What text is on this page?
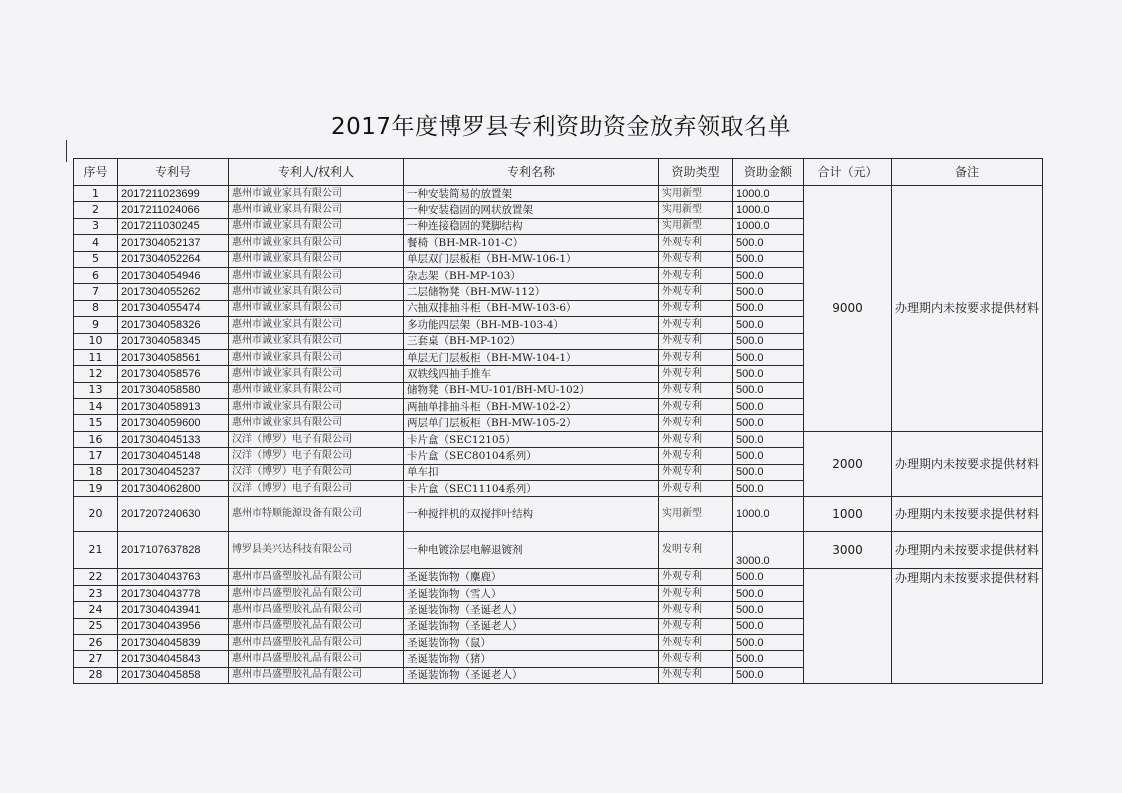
2017年度博罗县专利资助资金放弃领取名单
序号	专利号	专利人/权利人	专利名称	资助类型	资助金额	合计（元）	备注
1	2017211023699	惠州市诚业家具有限公司	一种安装简易的放置架	实用新型	1000.0	9000	办理期内未按要求提供材料
2	2017211024066	惠州市诚业家具有限公司	一种安装稳固的网状放置架	实用新型	1000.0		
3	2017211030245	惠州市诚业家具有限公司	一种连接稳固的凳脚结构	实用新型	1000.0		
4	2017304052137	惠州市诚业家具有限公司	餐椅（BH-MR-101-C）	外观专利	500.0		
5	2017304052264	惠州市诚业家具有限公司	单层双门层板柜（BH-MW-106-1）	外观专利	500.0		
6	2017304054946	惠州市诚业家具有限公司	杂志架（BH-MP-103）	外观专利	500.0		
7	2017304055262	惠州市诚业家具有限公司	二层储物凳（BH-MW-112）	外观专利	500.0		
8	2017304055474	惠州市诚业家具有限公司	六抽双排抽斗柜（BH-MW-103-6）	外观专利	500.0		
9	2017304058326	惠州市诚业家具有限公司	多功能四层架（BH-MB-103-4）	外观专利	500.0		
10	2017304058345	惠州市诚业家具有限公司	三套桌（BH-MP-102）	外观专利	500.0		
11	2017304058561	惠州市诚业家具有限公司	单层无门层板柜（BH-MW-104-1）	外观专利	500.0		
12	2017304058576	惠州市诚业家具有限公司	双轶线四抽手推车	外观专利	500.0		
13	2017304058580	惠州市诚业家具有限公司	储物凳（BH-MU-101/BH-MU-102）	外观专利	500.0		
14	2017304058913	惠州市诚业家具有限公司	两抽单排抽斗柜（BH-MW-102-2）	外观专利	500.0		
15	2017304059600	惠州市诚业家具有限公司	两层单门层板柜（BH-MW-105-2）	外观专利	500.0		
16	2017304045133	汉洋（博罗）电子有限公司	卡片盒（SEC12105）	外观专利	500.0	2000	办理期内未按要求提供材料
17	2017304045148	汉洋（博罗）电子有限公司	卡片盒（SEC80104系列）	外观专利	500.0		
18	2017304045237	汉洋（博罗）电子有限公司	单车扣	外观专利	500.0		
19	2017304062800	汉洋（博罗）电子有限公司	卡片盒（SEC11104系列）	外观专利	500.0		
20	2017207240630	惠州市特顺能源设备有限公司	一种搅拌机的双搅拌叶结构	实用新型	1000.0	1000	办理期内未按要求提供材料
21	2017107637828	博罗县美兴达科技有限公司	一种电镀涂层电解退镀剂	发明专利	3000.0	3000	办理期内未按要求提供材料
22	2017304043763	惠州市昌盛塑胶礼品有限公司	圣诞装饰物（麋鹿）	外观专利	500.0		办理期内未按要求提供材料
23	2017304043778	惠州市昌盛塑胶礼品有限公司	圣诞装饰物（雪人）	外观专利	500.0		
24	2017304043941	惠州市昌盛塑胶礼品有限公司	圣诞装饰物（圣诞老人）	外观专利	500.0		
25	2017304043956	惠州市昌盛塑胶礼品有限公司	圣诞装饰物（圣诞老人）	外观专利	500.0		
26	2017304045839	惠州市昌盛塑胶礼品有限公司	圣诞装饰物（鼠）	外观专利	500.0		
27	2017304045843	惠州市昌盛塑胶礼品有限公司	圣诞装饰物（猪）	外观专利	500.0		
28	2017304045858	惠州市昌盛塑胶礼品有限公司	圣诞装饰物（圣诞老人）	外观专利	500.0		
